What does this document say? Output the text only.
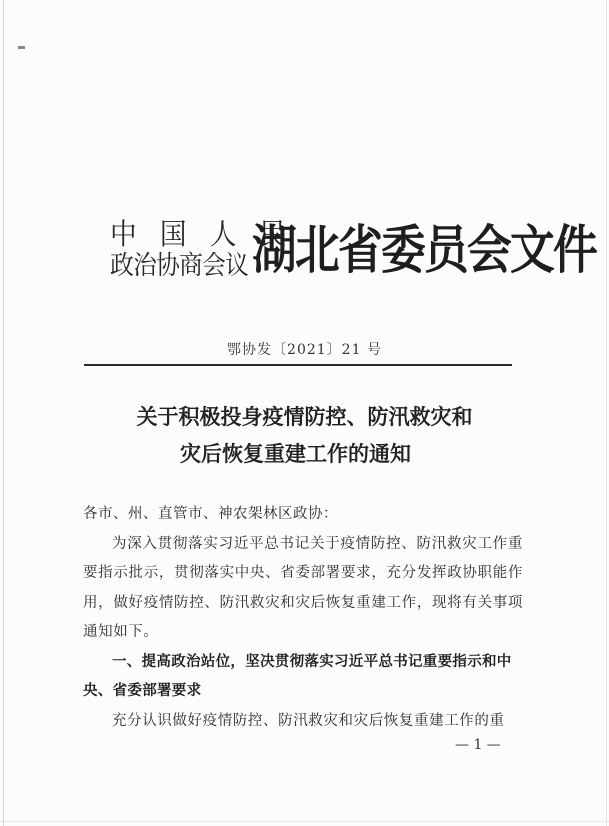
中 国 人 民
政治协商会议 湖北省委员会文件
鄂协发〔2021〕21 号
关于积极投身疫情防控、防汛救灾和
灾后恢复重建工作的通知

各市、州、直管市、神农架林区政协：

为深入贯彻落实习近平总书记关于疫情防控、防汛救灾工作重要指示批示，贯彻落实中央、省委部署要求，充分发挥政协职能作用，做好疫情防控、防汛救灾和灾后恢复重建工作，现将有关事项通知如下。

一、提高政治站位，坚决贯彻落实习近平总书记重要指示和中央、省委部署要求

充分认识做好疫情防控、防汛救灾和灾后恢复重建工作的重

— 1 —
